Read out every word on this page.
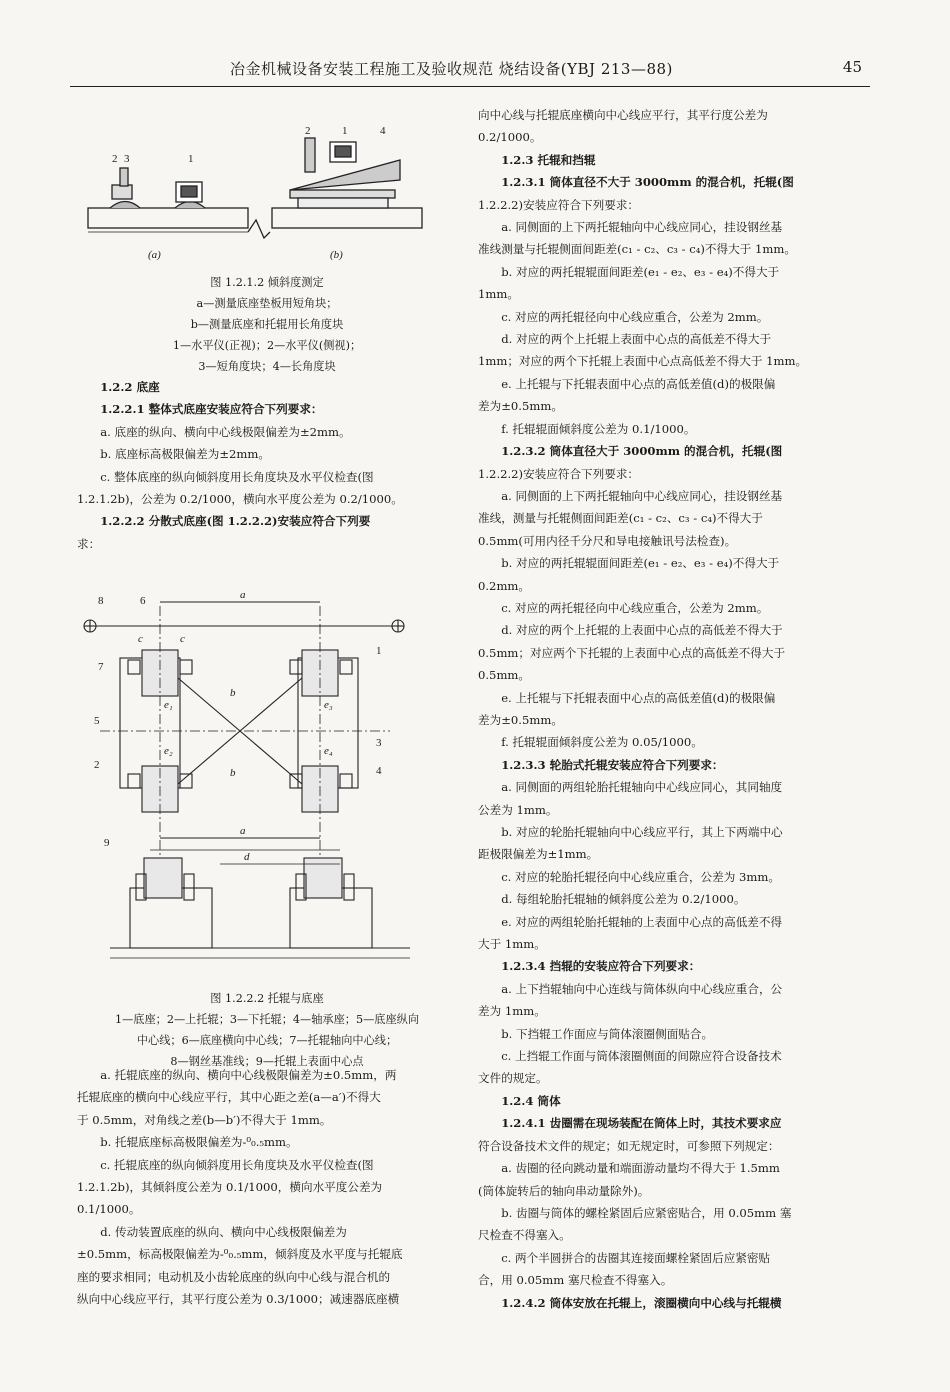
冶金机械设备安装工程施工及验收规范 烧结设备(YBJ 213—88)	45
2 3	1
2	1	4
(a)	(b)
图 1.2.1.2 倾斜度测定
a—测量底座垫板用短角块；
b—测量底座和托辊用长角度块
1—水平仪(正视)；2—水平仪(侧视)；
3—短角度块；4—长角度块

1.2.2 底座

1.2.2.1 整体式底座安装应符合下列要求：

a. 底座的纵向、横向中心线极限偏差为±2mm。

b. 底座标高极限偏差为±2mm。

c. 整体底座的纵向倾斜度用长角度块及水平仪检查(图

1.2.1.2b)，公差为 0.2/1000，横向水平度公差为 0.2/1000。

1.2.2.2 分散式底座(图 1.2.2.2)安装应符合下列要

求：

8	6	a
7
1
5
2
3
4
b
b
c	c
e₁
e₂
e₃
e₄
a
9
d
图 1.2.2.2 托辊与底座
1—底座；2—上托辊；3—下托辊；4—轴承座；5—底座纵向
中心线；6—底座横向中心线；7—托辊轴向中心线；
8—钢丝基准线；9—托辊上表面中心点

a. 托辊底座的纵向、横向中心线极限偏差为±0.5mm，两

托辊底座的横向中心线应平行，其中心距之差(a—a′)不得大

于 0.5mm，对角线之差(b—b′)不得大于 1mm。

b. 托辊底座标高极限偏差为-⁰₀.₅mm。

c. 托辊底座的纵向倾斜度用长角度块及水平仪检查(图

1.2.1.2b)，其倾斜度公差为 0.1/1000，横向水平度公差为

0.1/1000。

d. 传动装置底座的纵向、横向中心线极限偏差为

±0.5mm，标高极限偏差为-⁰₀.₅mm，倾斜度及水平度与托辊底

座的要求相同；电动机及小齿轮底座的纵向中心线与混合机的

纵向中心线应平行，其平行度公差为 0.3/1000；减速器底座横

向中心线与托辊底座横向中心线应平行，其平行度公差为

0.2/1000。

1.2.3 托辊和挡辊

1.2.3.1 筒体直径不大于 3000mm 的混合机，托辊(图

1.2.2.2)安装应符合下列要求：

a. 同侧面的上下两托辊轴向中心线应同心，挂设钢丝基

准线测量与托辊侧面间距差(c₁ - c₂、c₃ - c₄)不得大于 1mm。

b. 对应的两托辊辊面间距差(e₁ - e₂、e₃ - e₄)不得大于

1mm。

c. 对应的两托辊径向中心线应重合，公差为 2mm。

d. 对应的两个上托辊上表面中心点的高低差不得大于

1mm；对应的两个下托辊上表面中心点高低差不得大于 1mm。

e. 上托辊与下托辊表面中心点的高低差值(d)的极限偏

差为±0.5mm。

f. 托辊辊面倾斜度公差为 0.1/1000。

1.2.3.2 筒体直径大于 3000mm 的混合机，托辊(图

1.2.2.2)安装应符合下列要求：

a. 同侧面的上下两托辊轴向中心线应同心，挂设钢丝基

准线，测量与托辊侧面间距差(c₁ - c₂、c₃ - c₄)不得大于

0.5mm(可用内径千分尺和导电接触讯号法检查)。

b. 对应的两托辊辊面间距差(e₁ - e₂、e₃ - e₄)不得大于

0.2mm。

c. 对应的两托辊径向中心线应重合，公差为 2mm。

d. 对应的两个上托辊的上表面中心点的高低差不得大于

0.5mm；对应两个下托辊的上表面中心点的高低差不得大于

0.5mm。

e. 上托辊与下托辊表面中心点的高低差值(d)的极限偏

差为±0.5mm。

f. 托辊辊面倾斜度公差为 0.05/1000。

1.2.3.3 轮胎式托辊安装应符合下列要求：

a. 同侧面的两组轮胎托辊轴向中心线应同心，其同轴度

公差为 1mm。

b. 对应的轮胎托辊轴向中心线应平行，其上下两端中心

距极限偏差为±1mm。

c. 对应的轮胎托辊径向中心线应重合，公差为 3mm。

d. 每组轮胎托辊轴的倾斜度公差为 0.2/1000。

e. 对应的两组轮胎托辊轴的上表面中心点的高低差不得

大于 1mm。

1.2.3.4 挡辊的安装应符合下列要求：

a. 上下挡辊轴向中心连线与筒体纵向中心线应重合，公

差为 1mm。

b. 下挡辊工作面应与筒体滚圈侧面贴合。

c. 上挡辊工作面与筒体滚圈侧面的间隙应符合设备技术

文件的规定。

1.2.4 筒体

1.2.4.1 齿圈需在现场装配在筒体上时，其技术要求应

符合设备技术文件的规定；如无规定时，可参照下列规定：

a. 齿圈的径向跳动量和端面游动量均不得大于 1.5mm

(筒体旋转后的轴向串动量除外)。

b. 齿圈与筒体的螺栓紧固后应紧密贴合，用 0.05mm 塞

尺检查不得塞入。

c. 两个半圆拼合的齿圈其连接面螺栓紧固后应紧密贴

合，用 0.05mm 塞尺检查不得塞入。

1.2.4.2 筒体安放在托辊上，滚圈横向中心线与托辊横
